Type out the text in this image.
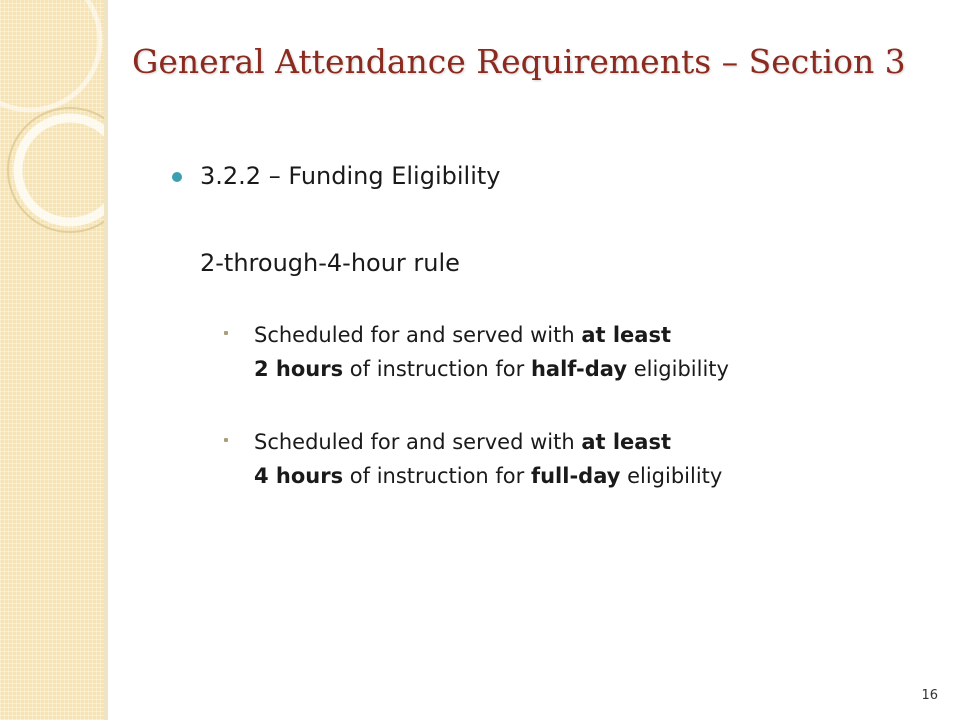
General Attendance Requirements – Section 3
3.2.2 – Funding Eligibility
2-through-4-hour rule
Scheduled for and served with at least
2 hours of instruction for half-day eligibility
Scheduled for and served with at least
4 hours of instruction for full-day eligibility
16
